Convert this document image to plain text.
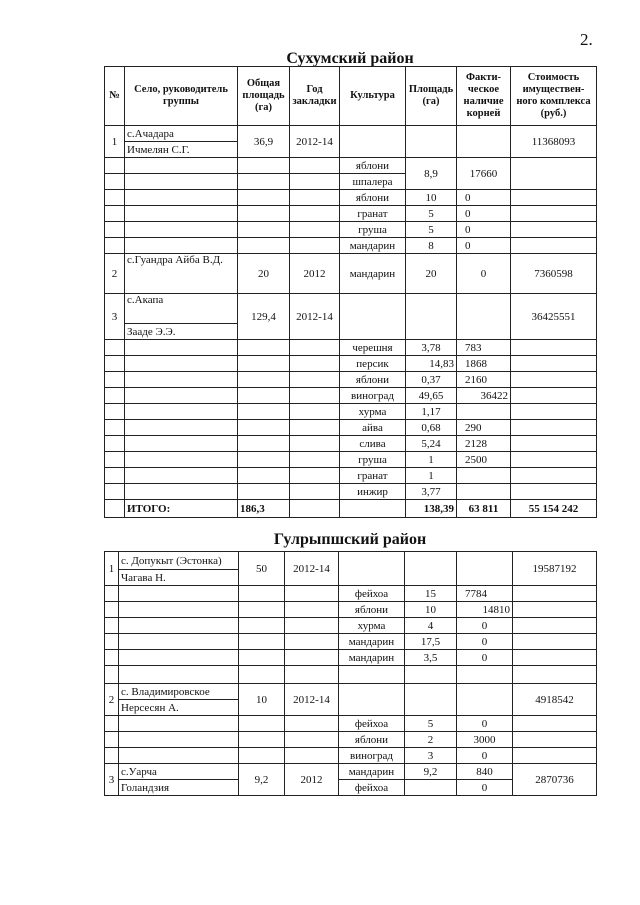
2.
Сухумский район
№	Село, руководитель группы	Общая площадь (га)	Год закладки	Культура	Площадь (га)	Факти-ческое наличие корней	Стоимость имуществен-ного комплекса (руб.)
1	с.Ачадара	36,9	2012-14				11368093
	Ичмелян С.Г.						
				яблони	8,9	17660	
				шпалера			
				яблони	10	0	
				гранат	5	0	
				груша	5	0	
				мандарин	8	0	
2	с.Гуандра Айба В.Д.	20	2012	мандарин	20	0	7360598
3	с.Акапа	129,4	2012-14				36425551
	Зааде Э.Э.						
				черешня	3,78	783	
				персик	14,83	1868	
				яблони	0,37	2160	
				виноград	49,65	36422	
				хурма	1,17		
				айва	0,68	290	
				слива	5,24	2128	
				груша	1	2500	
				гранат	1		
				инжир	3,77		
	ИТОГО:	186,3			138,39	63 811	55 154 242
Гулрыпшский район
1	с. Допукыт (Эстонка)	50	2012-14				19587192
	Чагава Н.						
				фейхоа	15	7784	
				яблони	10	14810	
				хурма	4	0	
				мандарин	17,5	0	
				мандарин	3,5	0	

2	с. Владимировское	10	2012-14				4918542
	Нерсесян А.						
				фейхоа	5	0	
				яблони	2	3000	
				виноград	3	0	
3	с.Уарча	9,2	2012	мандарин	9,2	840	2870736
	Голандзия			фейхоа		0	
